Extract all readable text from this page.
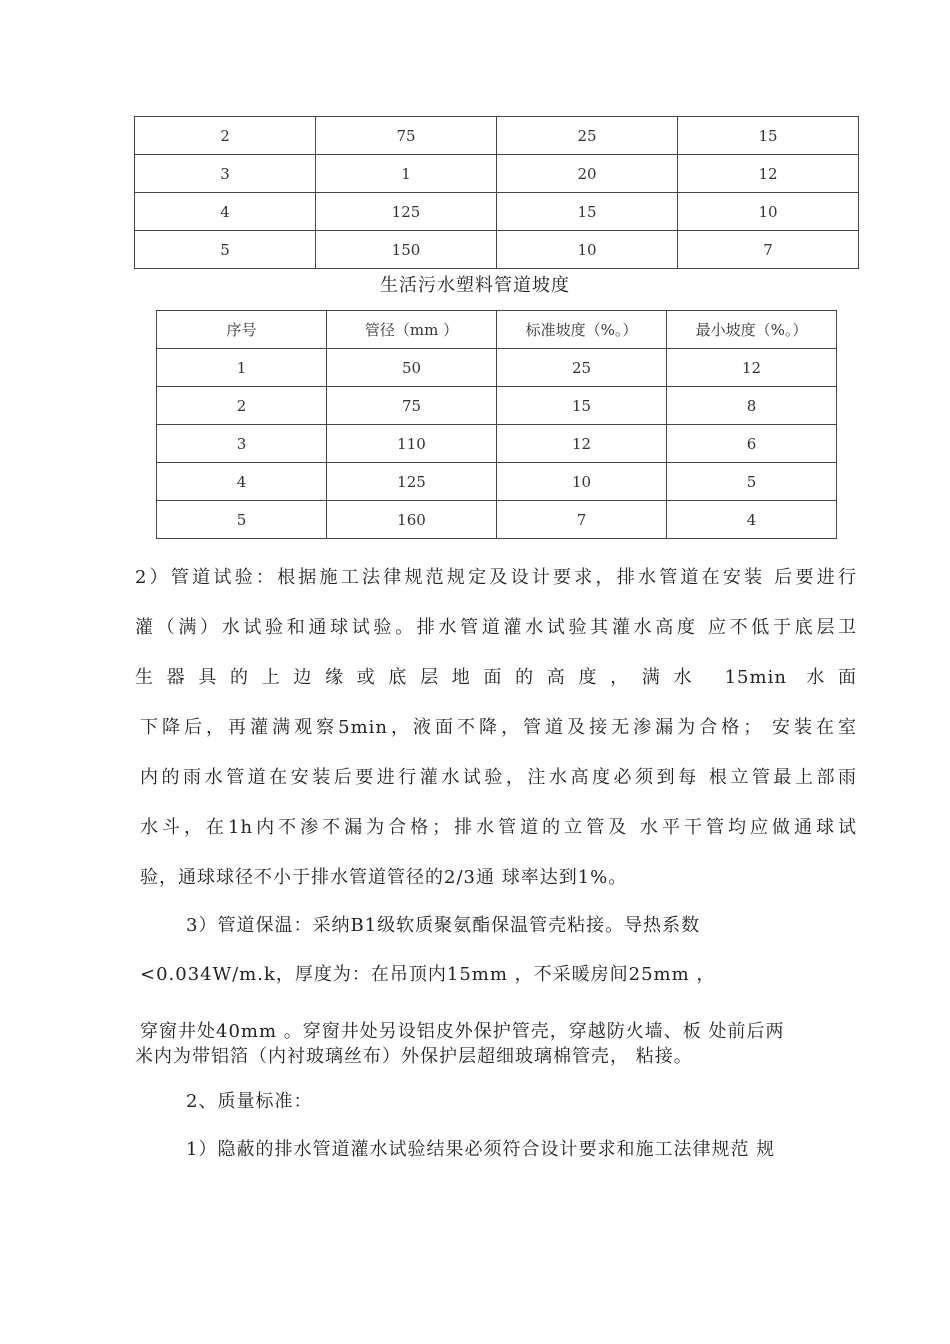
2	75	25	15
3	1	20	12
4	125	15	10
5	150	10	7
生活污水塑料管道坡度
序号	管径（mm ）	标准坡度（%。）	最小坡度（%。）
1	50	25	12
2	75	15	8
3	110	12	6
4	125	10	5
5	160	7	4
2）管道试验：根据施工法律规范规定及设计要求，排水管道在安装 后要进行
灌（满）水试验和通球试验。排水管道灌水试验其灌水高度 应不低于底层卫
生器具的上边缘或底层地面的高度，满水 15min 水面
下降后，再灌满观察5min，液面不降，管道及接无渗漏为合格； 安装在室
内的雨水管道在安装后要进行灌水试验，注水高度必须到每 根立管最上部雨
水斗，在1h内不渗不漏为合格；排水管道的立管及 水平干管均应做通球试
验，通球球径不小于排水管道管径的2/3通 球率达到1%。
3）管道保温：采纳B1级软质聚氨酯保温管壳粘接。导热系数
<0.034W/m.k，厚度为：在吊顶内15mm ，不采暖房间25mm ，
穿窗井处40mm 。穿窗井处另设铝皮外保护管壳，穿越防火墙、板 处前后两
米内为带铝箔（内衬玻璃丝布）外保护层超细玻璃棉管壳， 粘接。
2、质量标准：
1）隐蔽的排水管道灌水试验结果必须符合设计要求和施工法律规范 规
